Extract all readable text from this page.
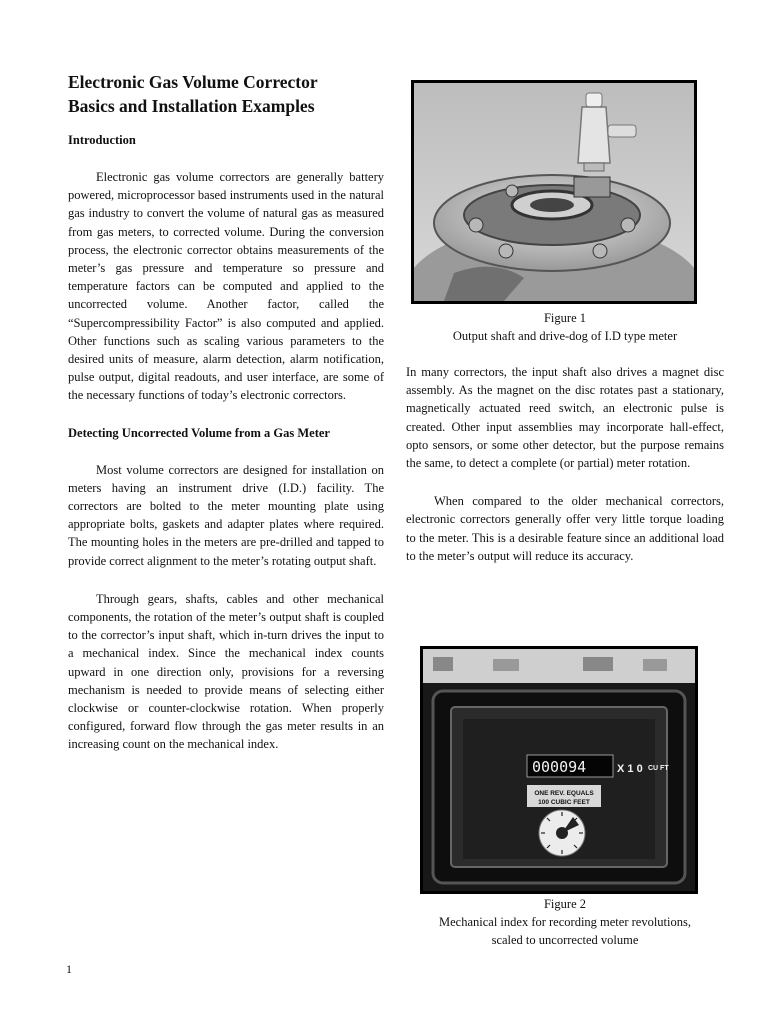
Electronic Gas Volume Corrector
Basics and Installation Examples
Introduction

Electronic gas volume correctors are generally battery powered, microprocessor based instruments used in the natural gas industry to convert the volume of natural gas as measured from gas meters, to corrected volume. During the conversion process, the electronic corrector obtains measurements of the meter’s gas pressure and temperature so pressure and temperature factors can be computed and applied to the uncorrected volume. Another factor, called the “Supercompressibility Factor” is also computed and applied. Other functions such as scaling various parameters to the desired units of measure, alarm detection, alarm notification, pulse output, digital readouts, and user interface, are some of the necessary functions of today’s electronic correctors.

Detecting Uncorrected Volume from a Gas Meter

Most volume correctors are designed for installation on meters having an instrument drive (I.D.) facility. The correctors are bolted to the meter mounting plate using appropriate bolts, gaskets and adapter plates where required. The mounting holes in the meters are pre-drilled and tapped to provide correct alignment to the meter’s rotating output shaft.

Through gears, shafts, cables and other mechanical components, the rotation of the meter’s output shaft is coupled to the corrector’s input shaft, which in-turn drives the input to a mechanical index. Since the mechanical index counts upward in one direction only, provisions for a reversing mechanism is needed to provide means of selecting either clockwise or counter-clockwise rotation. When properly configured, forward flow through the gas meter results in an increasing count on the mechanical index.

Figure 1
Output shaft and drive-dog of I.D type meter

In many correctors, the input shaft also drives a magnet disc assembly. As the magnet on the disc rotates past a stationary, magnetically actuated reed switch, an electronic pulse is created. Other input assemblies may incorporate hall-effect, opto sensors, or some other detector, but the purpose remains the same, to detect a complete (or partial) meter rotation.

When compared to the older mechanical correctors, electronic correctors generally offer very little torque loading to the meter. This is a desirable feature since an additional load to the meter’s output will reduce its accuracy.

000094	X 1 0 CU FT
ONE REV. EQUALS
100 CUBIC FEET
Figure 2
Mechanical index for recording meter revolutions,
scaled to uncorrected volume
1
